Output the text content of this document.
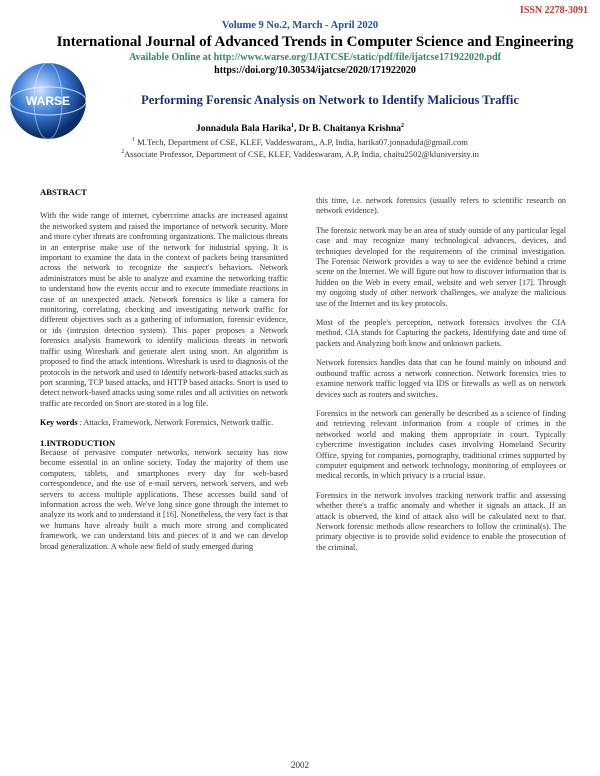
ISSN 2278-3091
Volume 9 No.2, March - April 2020
International Journal of Advanced Trends in Computer Science and Engineering
Available Online at http://www.warse.org/IJATCSE/static/pdf/file/ijatcse171922020.pdf
https://doi.org/10.30534/ijatcse/2020/171922020
WARSE	Performing Forensic Analysis on Network to Identify Malicious Traffic
Jonnadula Bala Harika$^1$, Dr B. Chaitanya Krishna$^2$
$^1$ M.Tech, Department of CSE, KLEF, Vaddeswaram,, A.P, India, harika07.jonnadula@gmail.com
$^2$Associate Professor, Department of CSE, KLEF, Vaddeswaram, A.P, India, chaitu2502@kluniversity.in

ABSTRACT

With the wide range of internet, cybercrime attacks are increased against the networked system and raised the importance of network security. More and more cyber threats are confronting organizations. The malicious threats in an enterprise make use of the network for industrial spying. It is important to examine the data in the context of packets being transmitted across the network to recognize the suspect's behaviors. Network administrators must be able to analyze and examine the networking traffic to understand how the events occur and to execute immediate reactions in case of an unexpected attack. Network forensics is like a camera for monitoring, correlating, checking and investigating network traffic for different objectives such as a gathering of information, forensic evidence, or ids (intrusion detection system). This paper proposes a Network forensics analysis framework to identify malicious threats in network traffic using Wireshark and generate alert using snort. An algorithm is proposed to find the attack intentions. Wireshark is used to diagnosis of the protocols in the network and used to identify network-based attacks such as port scanning, TCP based attacks, and HTTP based attacks. Snort is used to detect network-based attacks using some rules and all activities on network traffic are recorded on Snort are stored in a log file.

Key words : Attacks, Framework, Network Forensics, Network traffic.

1.INTRODUCTION

Because of pervasive computer networks, network security has now become essential in an online society. Today the majority of them use computers, tablets, and smartphones every day for web-based correspondence, and the use of e-mail servers, network servers, and web servers to access multiple applications. These accesses build sand of information across the web. We've long since gone through the internet to analyze its work and to understand it [16]. Nonetheless, the very fact is that we humans have already built a much more strong and complicated framework, we can understand bits and pieces of it and we can develop broad generalization. A whole new field of study emerged during

this time, i.e. network forensics (usually refers to scientific research on network evidence).

The forensic network may be an area of study outside of any particular legal case and may recognize many technological advances, devices, and techniques developed for the requirements of the criminal investigation. The Forensic Network provides a way to see the evidence behind a crime scene on the Internet. We will figure out how to discover information that is hidden on the Web in every email, website and web server [17]. Through my ongoing study of other network challenges, we analyze the malicious use of the Internet and its key protocols.

Most of the people's perception, network forensics involves the CIA method. CIA stands for Capturing the packets, Identifying date and time of packets and Analyzing both know and unknown packets.

Network forensics handles data that can be found mainly on inbound and outbound traffic across a network connection. Network forensics tries to examine network traffic logged via IDS or firewalls as well as on network devices such as routers and switches.

Forensics in the network can generally be described as a science of finding and retrieving relevant information from a couple of crimes in the networked world and making them appropriate in court. Typically cybercrime investigation includes cases involving Homeland Security Office, spying for companies, pornography, traditional crimes supported by computer equipment and network technology, monitoring of employees or medical records, in which privacy is a crucial issue.

Forensics in the network involves tracking network traffic and assessing whether there's a traffic anomaly and whether it signals an attack. If an attack is observed, the kind of attack also will be calculated next to that. Network forensic methods allow researchers to follow the criminal(s). The primary objective is to provide solid evidence to enable the prosecution of the criminal.

2002
